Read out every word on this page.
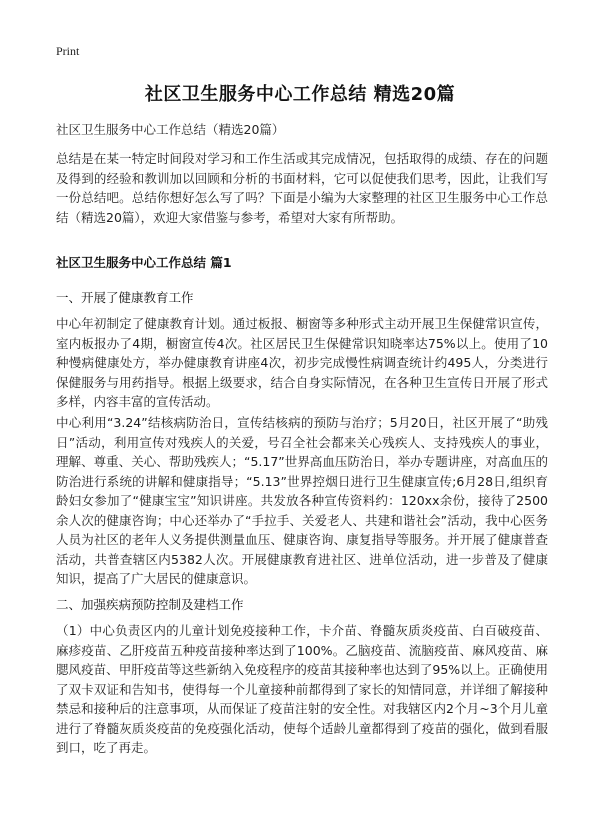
Print
社区卫生服务中心工作总结 精选20篇
社区卫生服务中心工作总结（精选20篇）

总结是在某一特定时间段对学习和工作生活或其完成情况，包括取得的成绩、存在的问题及得到的经验和教训加以回顾和分析的书面材料，它可以促使我们思考，因此，让我们写一份总结吧。总结你想好怎么写了吗？下面是小编为大家整理的社区卫生服务中心工作总结（精选20篇），欢迎大家借鉴与参考，希望对大家有所帮助。

社区卫生服务中心工作总结 篇1
一、开展了健康教育工作

中心年初制定了健康教育计划。通过板报、橱窗等多种形式主动开展卫生保健常识宣传，室内板报办了4期，橱窗宣传4次。社区居民卫生保健常识知晓率达75%以上。使用了10种慢病健康处方，举办健康教育讲座4次，初步完成慢性病调查统计约495人，分类进行保健服务与用药指导。根据上级要求，结合自身实际情况，在各种卫生宣传日开展了形式多样，内容丰富的宣传活动。

中心利用“3.24”结核病防治日，宣传结核病的预防与治疗；5月20日，社区开展了“助残日”活动，利用宣传对残疾人的关爱，号召全社会都来关心残疾人、支持残疾人的事业，理解、尊重、关心、帮助残疾人；“5.17”世界高血压防治日，举办专题讲座，对高血压的防治进行系统的讲解和健康指导；“5.13”世界控烟日进行卫生健康宣传;6月28日,组织育龄妇女参加了“健康宝宝”知识讲座。共发放各种宣传资料约：120xx余份，接待了2500余人次的健康咨询；中心还举办了“手拉手、关爱老人、共建和谐社会”活动，我中心医务人员为社区的老年人义务提供测量血压、健康咨询、康复指导等服务。并开展了健康普查活动，共普查辖区内5382人次。开展健康教育进社区、进单位活动，进一步普及了健康知识，提高了广大居民的健康意识。

二、加强疾病预防控制及建档工作

（1）中心负责区内的儿童计划免疫接种工作，卡介苗、脊髓灰质炎疫苗、白百破疫苗、麻疹疫苗、乙肝疫苗五种疫苗接种率达到了100%。乙脑疫苗、流脑疫苗、麻风疫苗、麻腮风疫苗、甲肝疫苗等这些新纳入免疫程序的疫苗其接种率也达到了95%以上。正确使用了双卡双证和告知书，使得每一个儿童接种前都得到了家长的知情同意，并详细了解接种禁忌和接种后的注意事项，从而保证了疫苗注射的安全性。对我辖区内2个月~3个月儿童进行了脊髓灰质炎疫苗的免疫强化活动，使每个适龄儿童都得到了疫苗的强化，做到看服到口，吃了再走。
